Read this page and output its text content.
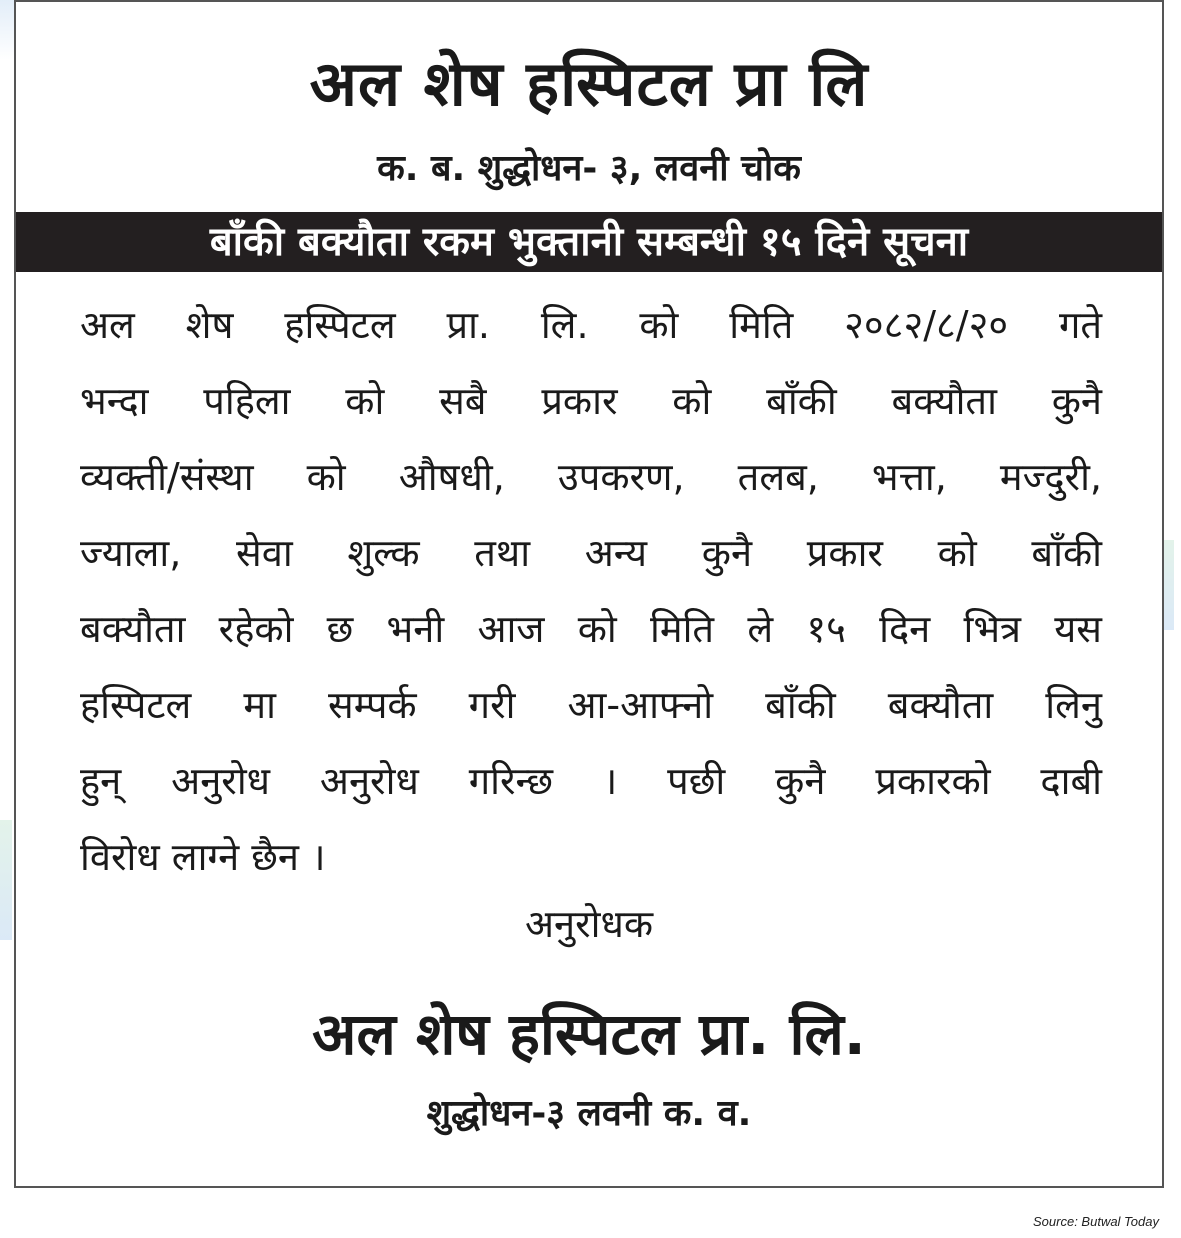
अल शेष हस्पिटल प्रा लि
क. ब. शुद्धोधन- ३, लवनी चोक
बाँकी बक्यौता रकम भुक्तानी सम्बन्धी १५ दिने सूचना
अल शेष हस्पिटल प्रा. लि. को मिति २०८२/८/२० गते
भन्दा पहिला को सबै प्रकार को बाँकी बक्यौता कुनै
व्यक्ती/संस्था को औषधी, उपकरण, तलब, भत्ता, मज्दुरी,
ज्याला, सेवा शुल्क तथा अन्य कुनै प्रकार को बाँकी
बक्यौता रहेको छ भनी आज को मिति ले १५ दिन भित्र यस
हस्पिटल मा सम्पर्क गरी आ-आफ्नो बाँकी बक्यौता लिनु
हुन् अनुरोध अनुरोध गरिन्छ । पछी कुनै प्रकारको दाबी
विरोध लाग्ने छैन ।
अनुरोधक
अल शेष हस्पिटल प्रा. लि.
शुद्धोधन-३ लवनी क. व.
Source: Butwal Today
